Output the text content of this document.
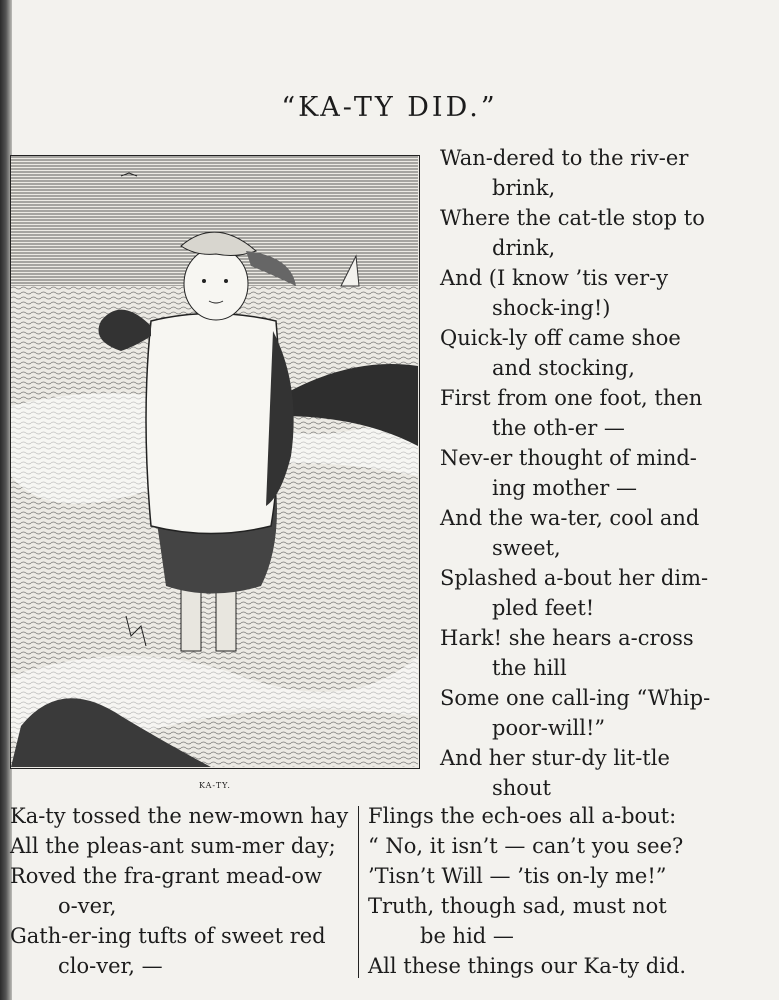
“KA-TY DID.”
KA-TY.
Wan-dered to the riv-er
brink,
Where the cat-tle stop to
drink,
And (I know ’tis ver-y
shock-ing!)
Quick-ly off came shoe
and stocking,
First from one foot, then
the oth-er —
Nev-er thought of mind-
ing mother —
And the wa-ter, cool and
sweet,
Splashed a-bout her dim-
pled feet!
Hark! she hears a-cross
the hill
Some one call-ing “Whip-
poor-will!”
And her stur-dy lit-tle
shout
Ka-ty tossed the new-mown hay
All the pleas-ant sum-mer day;
Roved the fra-grant mead-ow
o-ver,
Gath-er-ing tufts of sweet red
clo-ver, —
Flings the ech-oes all a-bout:
“ No, it isn’t — can’t you see?
’Tisn’t Will — ’tis on-ly me!”
Truth, though sad, must not
be hid —
All these things our Ka-ty did.
